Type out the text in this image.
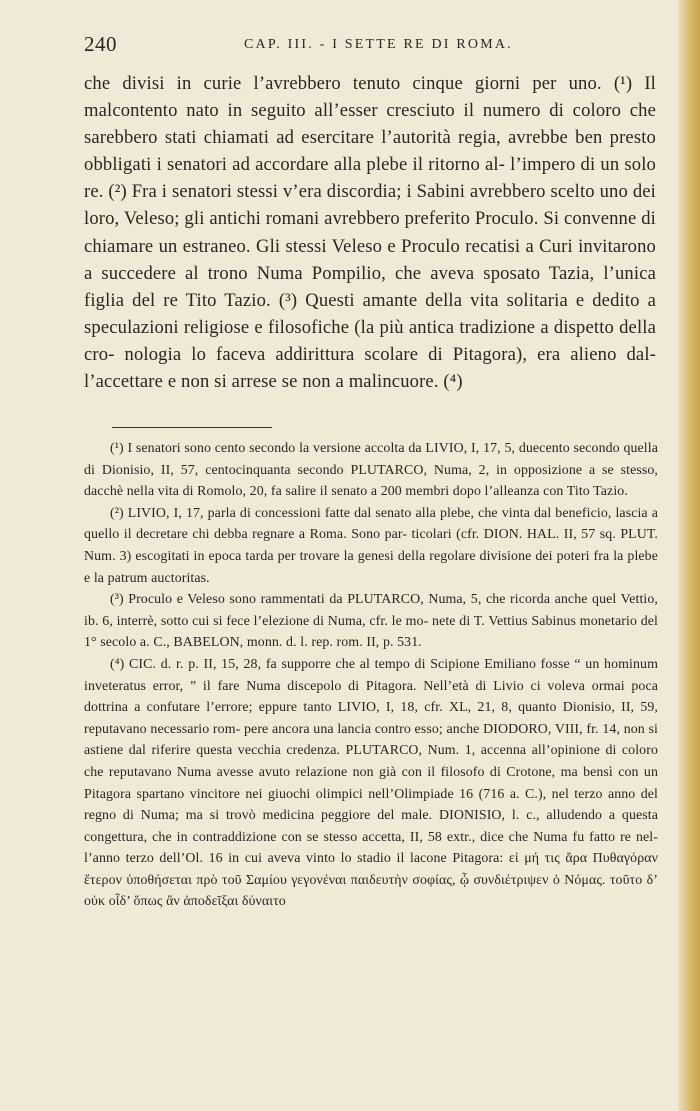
240	CAP. III. - I SETTE RE DI ROMA.

che divisi in curie l’avrebbero tenuto cinque giorni per uno. (¹) Il malcontento nato in seguito all’esser cresciuto il numero di coloro che sarebbero stati chiamati ad esercitare l’autorità regia, avrebbe ben presto obbligati i senatori ad accordare alla plebe il ritorno al- l’impero di un solo re. (²) Fra i senatori stessi v’era discordia; i Sabini avrebbero scelto uno dei loro, Veleso; gli antichi romani avrebbero preferito Proculo. Si convenne di chiamare un estraneo. Gli stessi Veleso e Proculo recatisi a Curi invitarono a succedere al trono Numa Pompilio, che aveva sposato Tazia, l’unica figlia del re Tito Tazio. (³) Questi amante della vita solitaria e dedito a speculazioni religiose e filosofiche (la più antica tradizione a dispetto della cro- nologia lo faceva addirittura scolare di Pitagora), era alieno dal- l’accettare e non si arrese se non a malincuore. (⁴)

(¹) I senatori sono cento secondo la versione accolta da LIVIO, I, 17, 5, duecento secondo quella di Dionisio, II, 57, centocinquanta secondo PLUTARCO, Numa, 2, in opposizione a se stesso, dacchè nella vita di Romolo, 20, fa salire il senato a 200 membri dopo l’alleanza con Tito Tazio.

(²) LIVIO, I, 17, parla di concessioni fatte dal senato alla plebe, che vinta dal beneficio, lascia a quello il decretare chi debba regnare a Roma. Sono par- ticolari (cfr. DION. HAL. II, 57 sq. PLUT. Num. 3) escogitati in epoca tarda per trovare la genesi della regolare divisione dei poteri fra la plebe e la patrum auctoritas.

(³) Proculo e Veleso sono rammentati da PLUTARCO, Numa, 5, che ricorda anche quel Vettio, ib. 6, interrè, sotto cui si fece l’elezione di Numa, cfr. le mo- nete di T. Vettius Sabinus monetario del 1° secolo a. C., BABELON, monn. d. l. rep. rom. II, p. 531.

(⁴) CIC. d. r. p. II, 15, 28, fa supporre che al tempo di Scipione Emiliano fosse “ un hominum inveteratus error, ” il fare Numa discepolo di Pitagora. Nell’età di Livio ci voleva ormai poca dottrina a confutare l’errore; eppure tanto LIVIO, I, 18, cfr. XL, 21, 8, quanto Dionisio, II, 59, reputavano necessario rom- pere ancora una lancia contro esso; anche DIODORO, VIII, fr. 14, non si astiene dal riferire questa vecchia credenza. PLUTARCO, Num. 1, accenna all’opinione di coloro che reputavano Numa avesse avuto relazione non già con il filosofo di Crotone, ma bensì con un Pitagora spartano vincitore nei giuochi olimpici nell’Olimpiade 16 (716 a. C.), nel terzo anno del regno di Numa; ma si trovò medicina peggiore del male. DIONISIO, l. c., alludendo a questa congettura, che in contraddizione con se stesso accetta, II, 58 extr., dice che Numa fu fatto re nel- l’anno terzo dell’Ol. 16 in cui aveva vinto lo stadio il lacone Pitagora: εἰ μή τις ἄρα Πυθαγόραν ἕτερον ὑποθήσεται πρὸ τοῦ Σαμίου γεγονέναι παιδευτὴν σοφίας, ᾧ συνδιέτριψεν ὁ Νόμας. τοῦτο δ’ οὐκ οἶδ’ ὅπως ἂν ἀποδεῖξαι δύναιτο
